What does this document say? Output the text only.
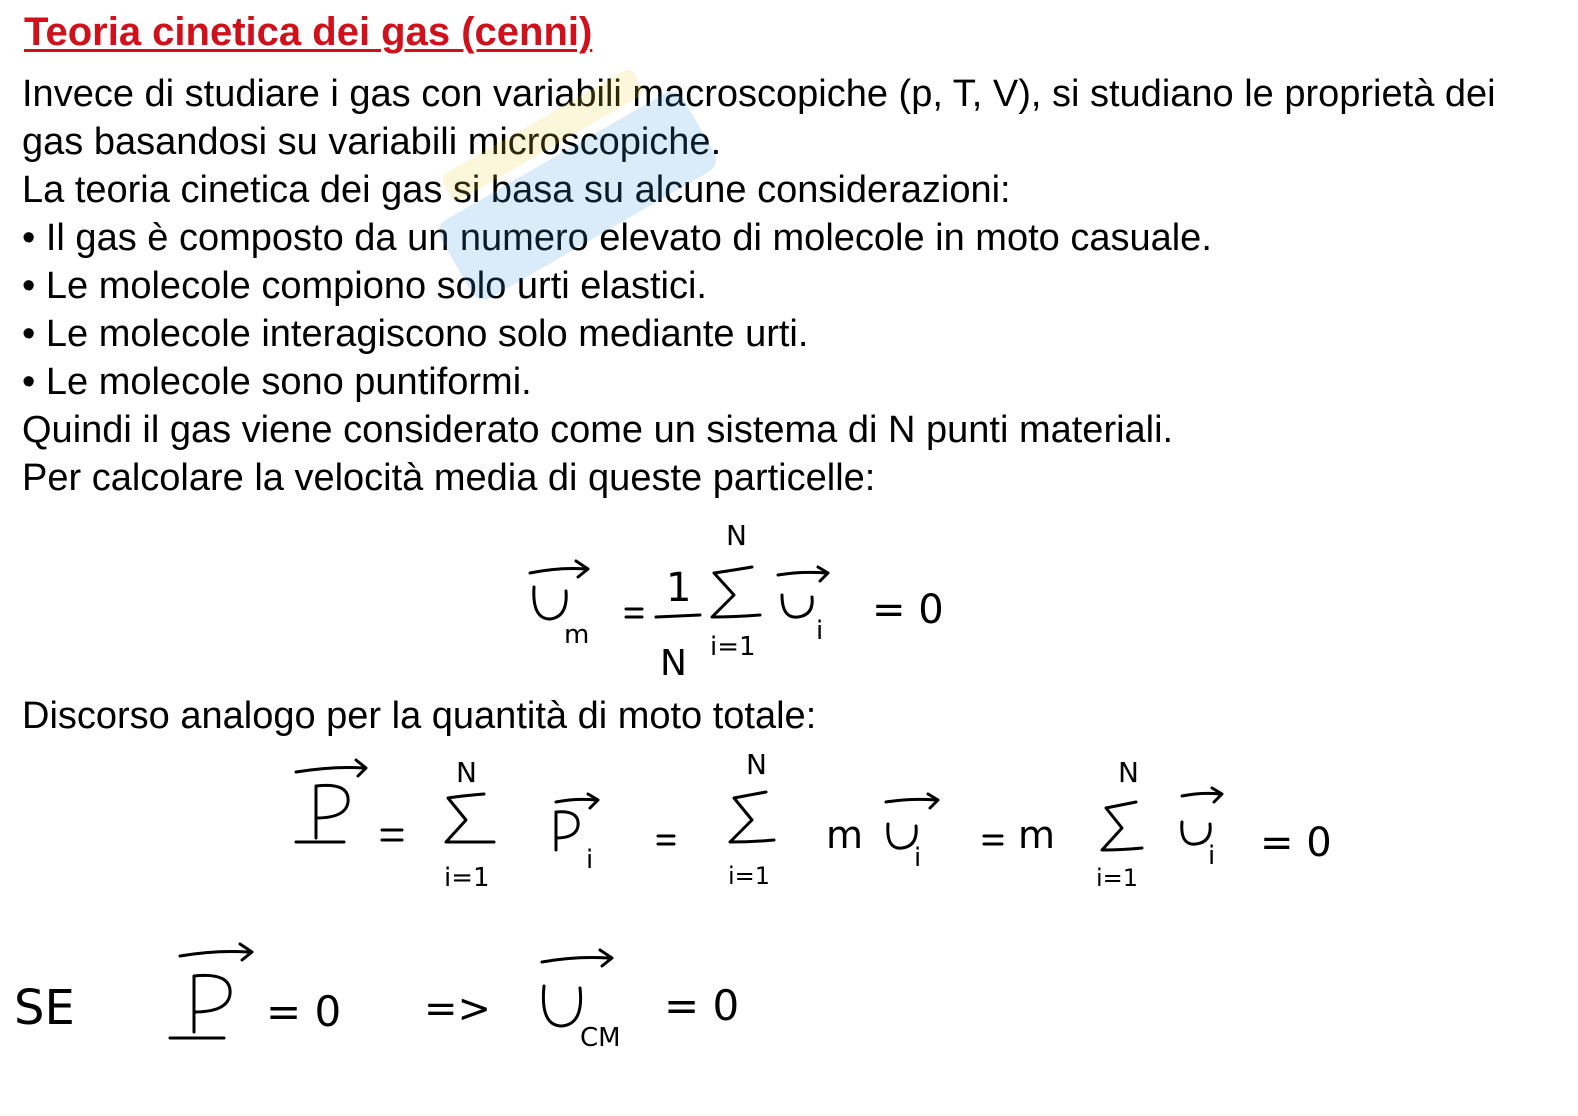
Teoria cinetica dei gas (cenni)

Invece di studiare i gas con variabili macroscopiche (p, T, V), si studiano le proprietà dei gas basandosi su variabili microscopiche.

La teoria cinetica dei gas si basa su alcune considerazioni:

• Il gas è composto da un numero elevato di molecole in moto casuale.

• Le molecole compiono solo urti elastici.

• Le molecole interagiscono solo mediante urti.

• Le molecole sono puntiformi.

Quindi il gas viene considerato come un sistema di N punti materiali.

Per calcolare la velocità media di queste particelle:

m
1
N
N
i=1
i = 0
Discorso analogo per la quantità di moto totale:
N
i=1
i
N
i=1
m
i
m
N
i=1
i = 0
SE	= 0 =>
CM
= 0
